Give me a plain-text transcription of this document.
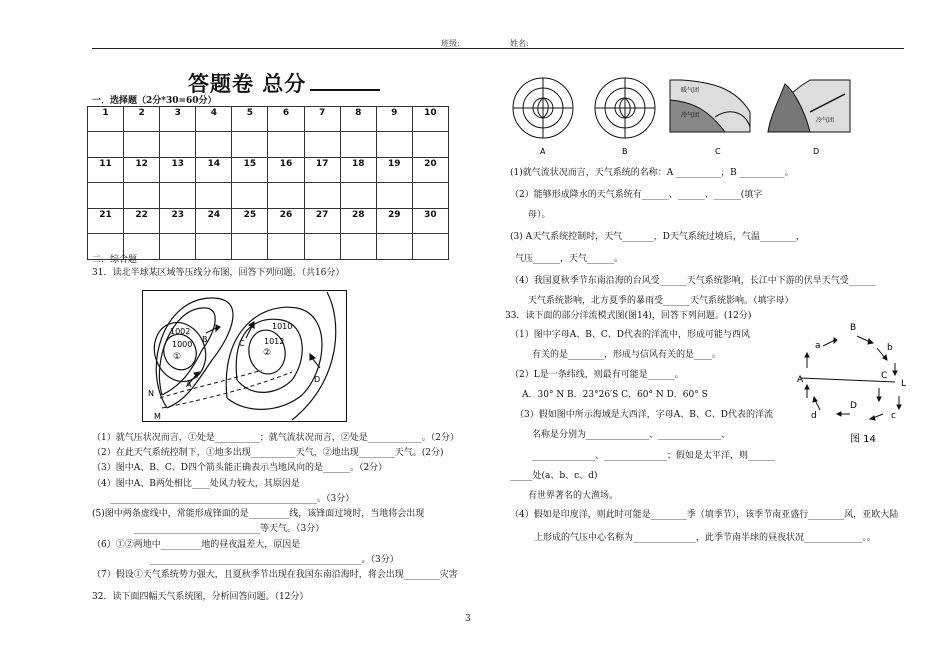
班级:	姓名:
答题卷 总分
一．选择题（2分*30=60分）
1	2	3	4	5	6	7	8	9	10

11	12	13	14	15	16	17	18	19	20

21	22	23	24	25	26	27	28	29	30

二．综合题
31．读北半球某区域等压线分布图，回答下列问题。（共16分）
1002
1000
①
1010
1012
②
B
A
C
D
N
M
（1）就气压状况而言，①处是__________；就气流状况而言，②处是____________。（2分）
（2）在此天气系统控制下，①地多出现__________天气，②地出现________天气。(2分)
（3）图中A、B、C、D四个箭头能正确表示当地风向的是______。（2分）
（4）图中A、B两处相比____处风力较大，其原因是
______________________________________________。（3分）
(5)图中两条虚线中，常能形成锋面的是_________线，该锋面过境时，当地将会出现
____________________________等天气。（3分）
（6）①②两地中_________地的昼夜温差大，原因是
_______________________________________________。（3分）
（7）假设①天气系统势力强大，且夏秋季节出现在我国东南沿海时，将会出现________灾害
32．读下面四幅天气系统图，分析回答问题。（12分）
暖气团
冷气团
冷气团
A	B	C	D
(1)就气流状况而言，天气系统的名称：A __________，B __________。
（2）能够形成降水的天气系统有______、______、______(填字
母）。
(3) A天气系统控制时，天气_______，D天气系统过境后，气温________，
气压______，天气______。
（4）我国夏秋季节东南沿海的台风受______天气系统影响，长江中下游的伏旱天气受______
天气系统影响，北方夏季的暴雨受______天气系统影响。（填字母）
33．读下面的部分洋流模式图(图14)，回答下列问题。(12分)
（1）图中字母A、B、C、D代表的洋流中，形成可能与西风
有关的是________，形成与信风有关的是____。
（2）L是一条纬线，则最有可能是______。
A．30° N B．23°26′S C．60° N D．60° S
（3）假如图中所示海域是大西洋，字母A、B、C、D代表的洋流
名称是分别为______________、______________、
______________、______________；假如是太平洋，则______
_____处(a、b、c、d)
有世界著名的大渔场。
（4）假如是印度洋，则此时可能是________季（填季节），该季节南亚盛行________风，亚欧大陆
上形成的气压中心名称为______________，此季节南半球的昼夜状况_____________。。
B
a	b
A	C
L
D
d	c
图 14
3
